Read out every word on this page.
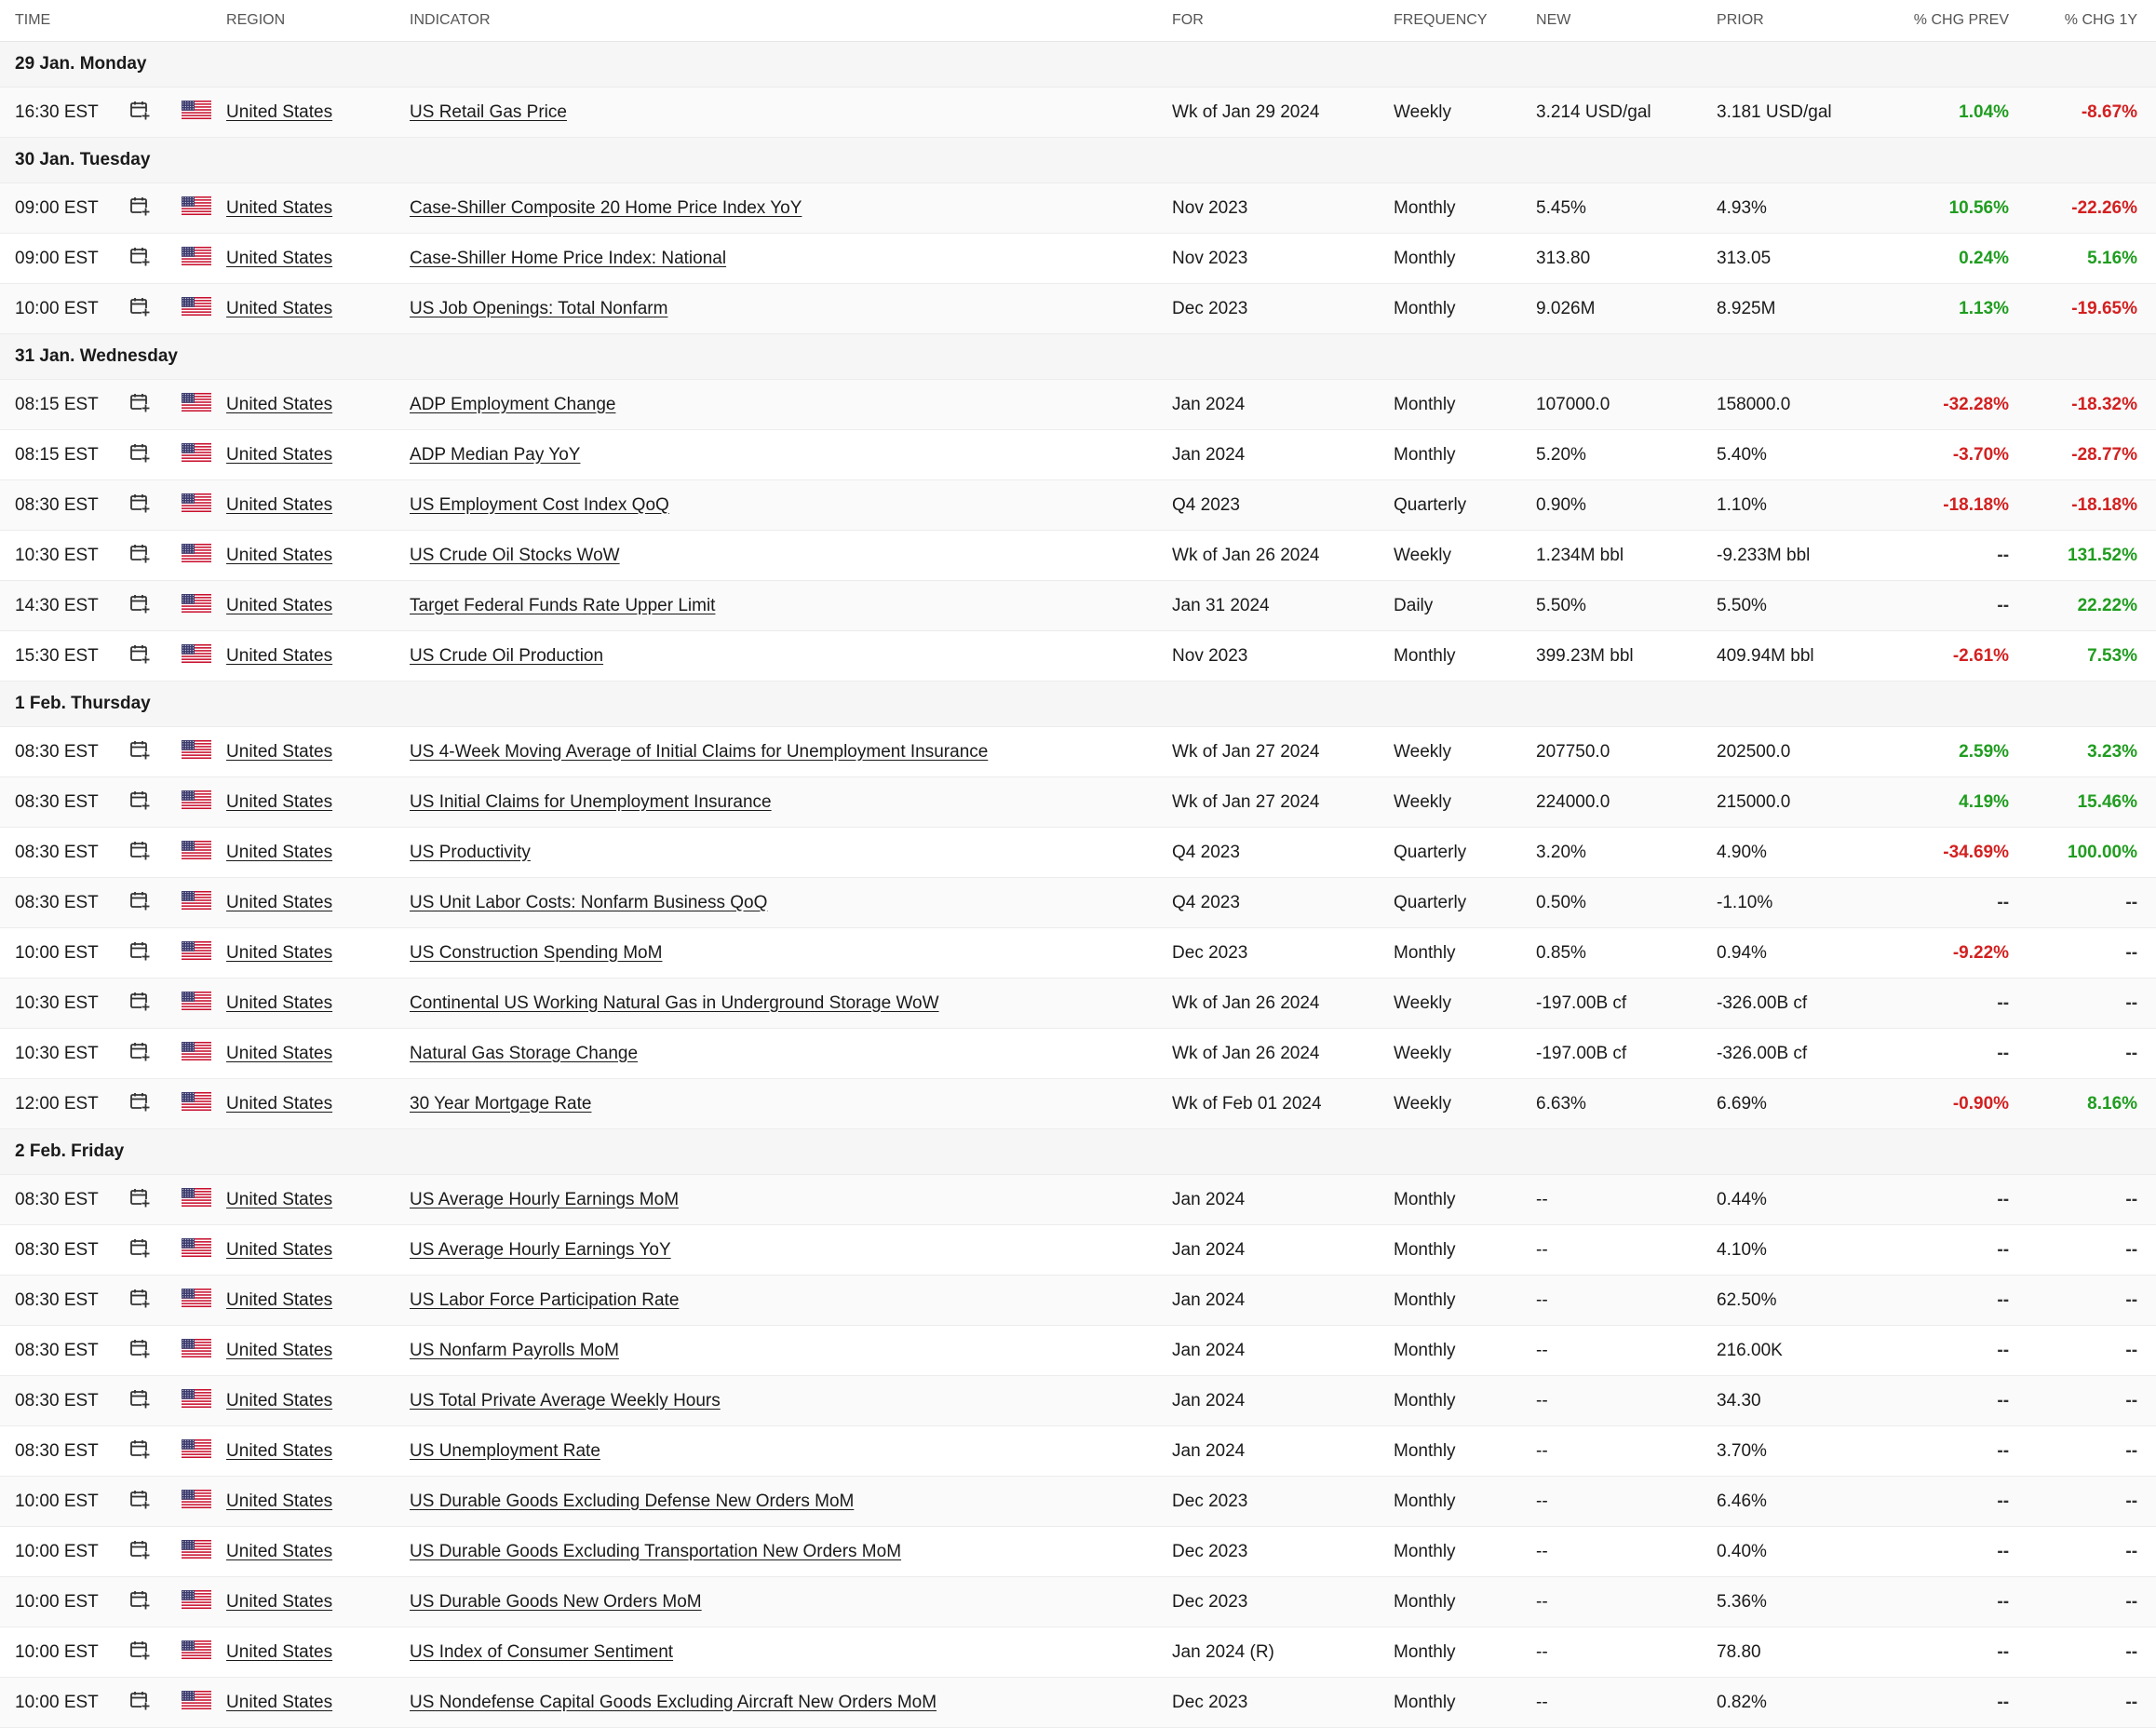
TIME			REGION	INDICATOR	FOR	FREQUENCY	NEW	PRIOR	% CHG PREV	% CHG 1Y
29 Jan. Monday										
16:30 EST			United States	US Retail Gas Price	Wk of Jan 29 2024	Weekly	3.214 USD/gal	3.181 USD/gal	1.04%	-8.67%
30 Jan. Tuesday										
09:00 EST			United States	Case-Shiller Composite 20 Home Price Index YoY	Nov 2023	Monthly	5.45%	4.93%	10.56%	-22.26%
09:00 EST			United States	Case-Shiller Home Price Index: National	Nov 2023	Monthly	313.80	313.05	0.24%	5.16%
10:00 EST			United States	US Job Openings: Total Nonfarm	Dec 2023	Monthly	9.026M	8.925M	1.13%	-19.65%
31 Jan. Wednesday										
08:15 EST			United States	ADP Employment Change	Jan 2024	Monthly	107000.0	158000.0	-32.28%	-18.32%
08:15 EST			United States	ADP Median Pay YoY	Jan 2024	Monthly	5.20%	5.40%	-3.70%	-28.77%
08:30 EST			United States	US Employment Cost Index QoQ	Q4 2023	Quarterly	0.90%	1.10%	-18.18%	-18.18%
10:30 EST			United States	US Crude Oil Stocks WoW	Wk of Jan 26 2024	Weekly	1.234M bbl	-9.233M bbl	--	131.52%
14:30 EST			United States	Target Federal Funds Rate Upper Limit	Jan 31 2024	Daily	5.50%	5.50%	--	22.22%
15:30 EST			United States	US Crude Oil Production	Nov 2023	Monthly	399.23M bbl	409.94M bbl	-2.61%	7.53%
1 Feb. Thursday										
08:30 EST			United States	US 4-Week Moving Average of Initial Claims for Unemployment Insurance	Wk of Jan 27 2024	Weekly	207750.0	202500.0	2.59%	3.23%
08:30 EST			United States	US Initial Claims for Unemployment Insurance	Wk of Jan 27 2024	Weekly	224000.0	215000.0	4.19%	15.46%
08:30 EST			United States	US Productivity	Q4 2023	Quarterly	3.20%	4.90%	-34.69%	100.00%
08:30 EST			United States	US Unit Labor Costs: Nonfarm Business QoQ	Q4 2023	Quarterly	0.50%	-1.10%	--	--
10:00 EST			United States	US Construction Spending MoM	Dec 2023	Monthly	0.85%	0.94%	-9.22%	--
10:30 EST			United States	Continental US Working Natural Gas in Underground Storage WoW	Wk of Jan 26 2024	Weekly	-197.00B cf	-326.00B cf	--	--
10:30 EST			United States	Natural Gas Storage Change	Wk of Jan 26 2024	Weekly	-197.00B cf	-326.00B cf	--	--
12:00 EST			United States	30 Year Mortgage Rate	Wk of Feb 01 2024	Weekly	6.63%	6.69%	-0.90%	8.16%
2 Feb. Friday										
08:30 EST			United States	US Average Hourly Earnings MoM	Jan 2024	Monthly	--	0.44%	--	--
08:30 EST			United States	US Average Hourly Earnings YoY	Jan 2024	Monthly	--	4.10%	--	--
08:30 EST			United States	US Labor Force Participation Rate	Jan 2024	Monthly	--	62.50%	--	--
08:30 EST			United States	US Nonfarm Payrolls MoM	Jan 2024	Monthly	--	216.00K	--	--
08:30 EST			United States	US Total Private Average Weekly Hours	Jan 2024	Monthly	--	34.30	--	--
08:30 EST			United States	US Unemployment Rate	Jan 2024	Monthly	--	3.70%	--	--
10:00 EST			United States	US Durable Goods Excluding Defense New Orders MoM	Dec 2023	Monthly	--	6.46%	--	--
10:00 EST			United States	US Durable Goods Excluding Transportation New Orders MoM	Dec 2023	Monthly	--	0.40%	--	--
10:00 EST			United States	US Durable Goods New Orders MoM	Dec 2023	Monthly	--	5.36%	--	--
10:00 EST			United States	US Index of Consumer Sentiment	Jan 2024 (R)	Monthly	--	78.80	--	--
10:00 EST			United States	US Nondefense Capital Goods Excluding Aircraft New Orders MoM	Dec 2023	Monthly	--	0.82%	--	--
